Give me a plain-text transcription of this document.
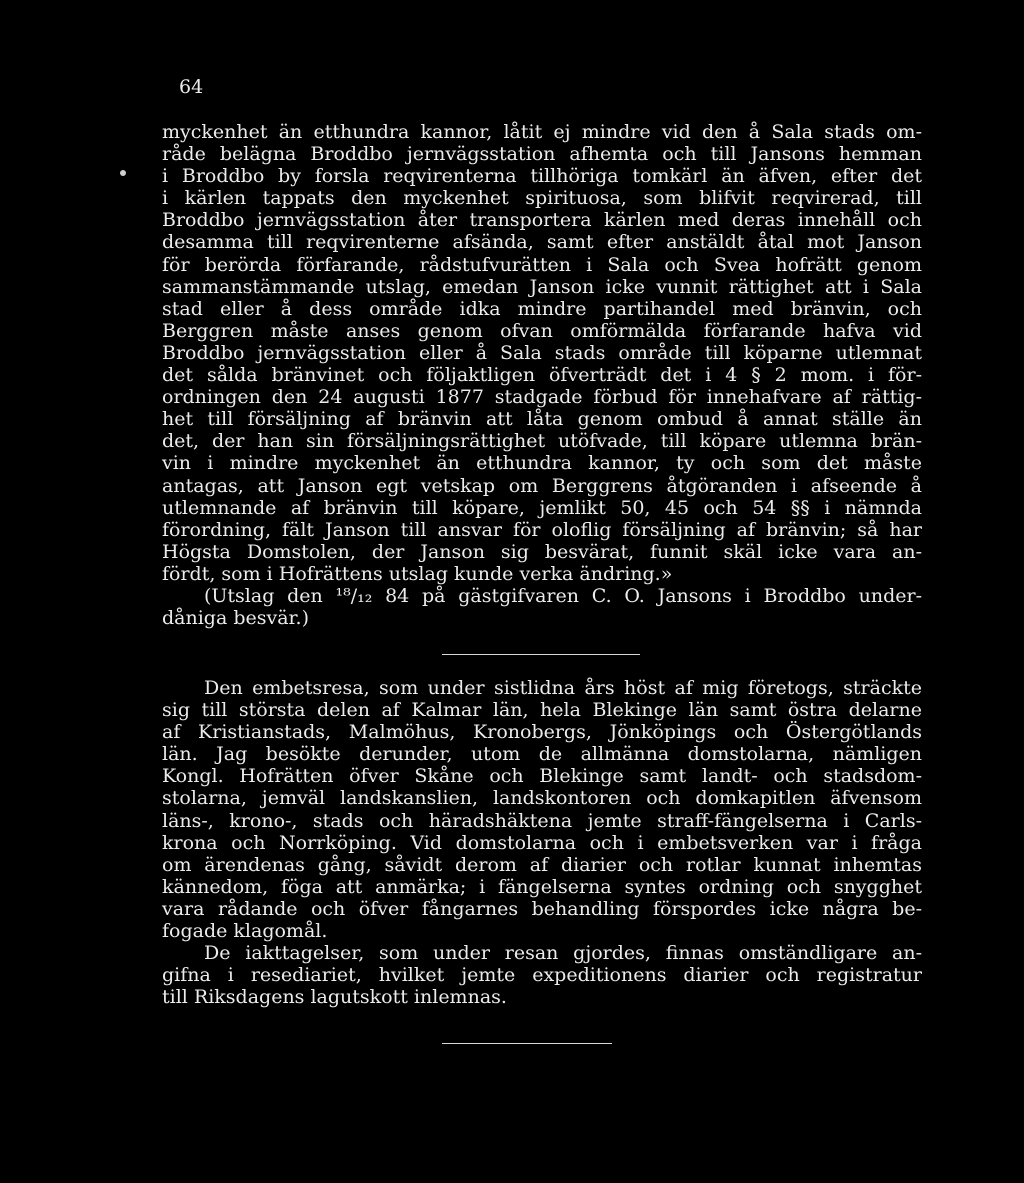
64
myckenhet än etthundra kannor, låtit ej mindre vid den å Sala stads om-
råde belägna Broddbo jernvägsstation afhemta och till Jansons hemman
i Broddbo by forsla reqvirenterna tillhöriga tomkärl än äfven, efter det
i kärlen tappats den myckenhet spirituosa, som blifvit reqvirerad, till
Broddbo jernvägsstation åter transportera kärlen med deras innehåll och
desamma till reqvirenterne afsända, samt efter anstäldt åtal mot Janson
för berörda förfarande, rådstufvurätten i Sala och Svea hofrätt genom
sammanstämmande utslag, emedan Janson icke vunnit rättighet att i Sala
stad eller å dess område idka mindre partihandel med bränvin, och
Berggren måste anses genom ofvan omförmälda förfarande hafva vid
Broddbo jernvägsstation eller å Sala stads område till köparne utlemnat
det sålda bränvinet och följaktligen öfverträdt det i 4 § 2 mom. i för-
ordningen den 24 augusti 1877 stadgade förbud för innehafvare af rättig-
het till försäljning af bränvin att låta genom ombud å annat ställe än
det, der han sin försäljningsrättighet utöfvade, till köpare utlemna brän-
vin i mindre myckenhet än etthundra kannor, ty och som det måste
antagas, att Janson egt vetskap om Berggrens åtgöranden i afseende å
utlemnande af bränvin till köpare, jemlikt 50, 45 och 54 §§ i nämnda
förordning, fält Janson till ansvar för oloflig försäljning af bränvin; så har
Högsta Domstolen, der Janson sig besvärat, funnit skäl icke vara an-
fördt, som i Hofrättens utslag kunde verka ändring.»
(Utslag den ¹⁸/₁₂ 84 på gästgifvaren C. O. Jansons i Broddbo under-
dåniga besvär.)
Den embetsresa, som under sistlidna års höst af mig företogs, sträckte
sig till största delen af Kalmar län, hela Blekinge län samt östra delarne
af Kristianstads, Malmöhus, Kronobergs, Jönköpings och Östergötlands
län. Jag besökte derunder, utom de allmänna domstolarna, nämligen
Kongl. Hofrätten öfver Skåne och Blekinge samt landt- och stadsdom-
stolarna, jemväl landskanslien, landskontoren och domkapitlen äfvensom
läns-, krono-, stads och häradshäktena jemte straff-fängelserna i Carls-
krona och Norrköping. Vid domstolarna och i embetsverken var i fråga
om ärendenas gång, såvidt derom af diarier och rotlar kunnat inhemtas
kännedom, föga att anmärka; i fängelserna syntes ordning och snygghet
vara rådande och öfver fångarnes behandling förspordes icke några be-
fogade klagomål.
De iakttagelser, som under resan gjordes, finnas omständligare an-
gifna i resediariet, hvilket jemte expeditionens diarier och registratur
till Riksdagens lagutskott inlemnas.
